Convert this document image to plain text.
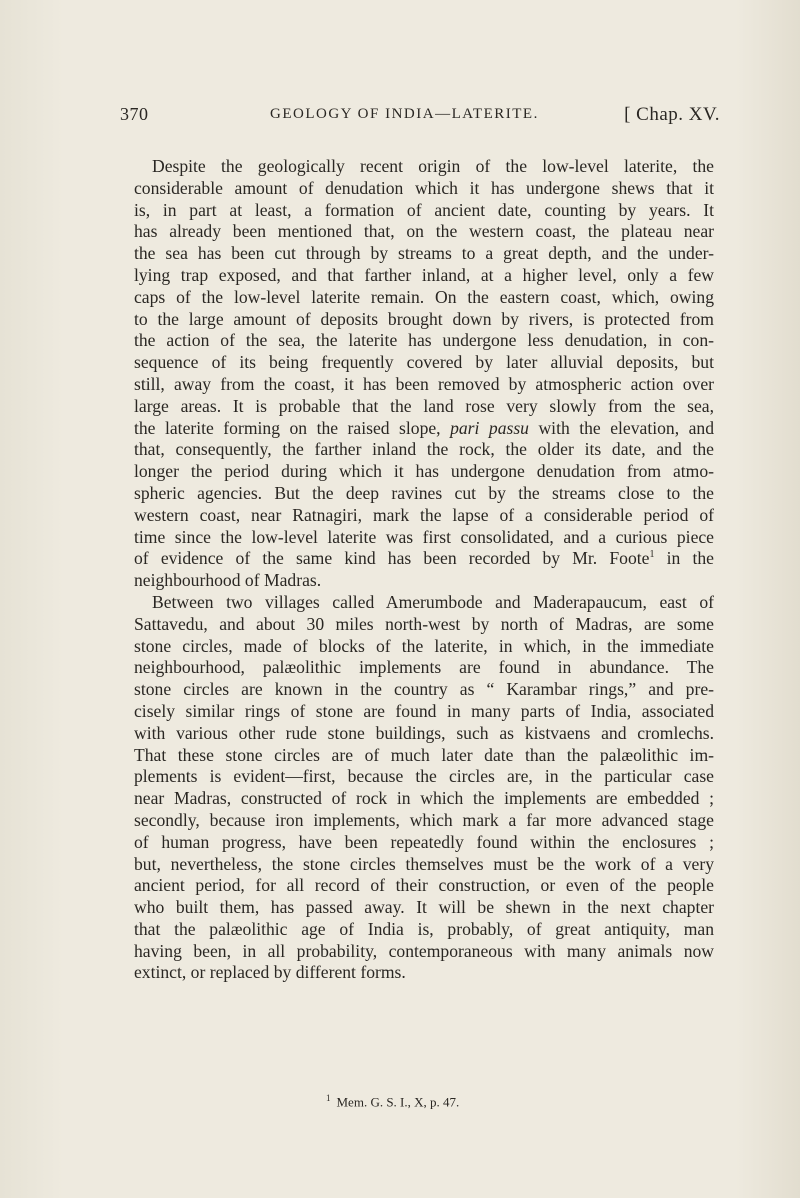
370	GEOLOGY OF INDIA—LATERITE.	[ Chap. XV.
Despite the geologically recent origin of the low-level laterite, the
considerable amount of denudation which it has undergone shews that it
is, in part at least, a formation of ancient date, counting by years. It
has already been mentioned that, on the western coast, the plateau near
the sea has been cut through by streams to a great depth, and the under-
lying trap exposed, and that farther inland, at a higher level, only a few
caps of the low-level laterite remain. On the eastern coast, which, owing
to the large amount of deposits brought down by rivers, is protected from
the action of the sea, the laterite has undergone less denudation, in con-
sequence of its being frequently covered by later alluvial deposits, but
still, away from the coast, it has been removed by atmospheric action over
large areas. It is probable that the land rose very slowly from the sea,
the laterite forming on the raised slope, pari passu with the elevation, and
that, consequently, the farther inland the rock, the older its date, and the
longer the period during which it has undergone denudation from atmo-
spheric agencies. But the deep ravines cut by the streams close to the
western coast, near Ratnagiri, mark the lapse of a considerable period of
time since the low-level laterite was first consolidated, and a curious piece
of evidence of the same kind has been recorded by Mr. Foote$^1$ in the
neighbourhood of Madras.
Between two villages called Amerumbode and Maderapaucum, east of
Sattavedu, and about 30 miles north-west by north of Madras, are some
stone circles, made of blocks of the laterite, in which, in the immediate
neighbourhood, palæolithic implements are found in abundance. The
stone circles are known in the country as “ Karambar rings,” and pre-
cisely similar rings of stone are found in many parts of India, associated
with various other rude stone buildings, such as kistvaens and cromlechs.
That these stone circles are of much later date than the palæolithic im-
plements is evident—first, because the circles are, in the particular case
near Madras, constructed of rock in which the implements are embedded ;
secondly, because iron implements, which mark a far more advanced stage
of human progress, have been repeatedly found within the enclosures ;
but, nevertheless, the stone circles themselves must be the work of a very
ancient period, for all record of their construction, or even of the people
who built them, has passed away. It will be shewn in the next chapter
that the palæolithic age of India is, probably, of great antiquity, man
having been, in all probability, contemporaneous with many animals now
extinct, or replaced by different forms.
$^1$ Mem. G. S. I., X, p. 47.
